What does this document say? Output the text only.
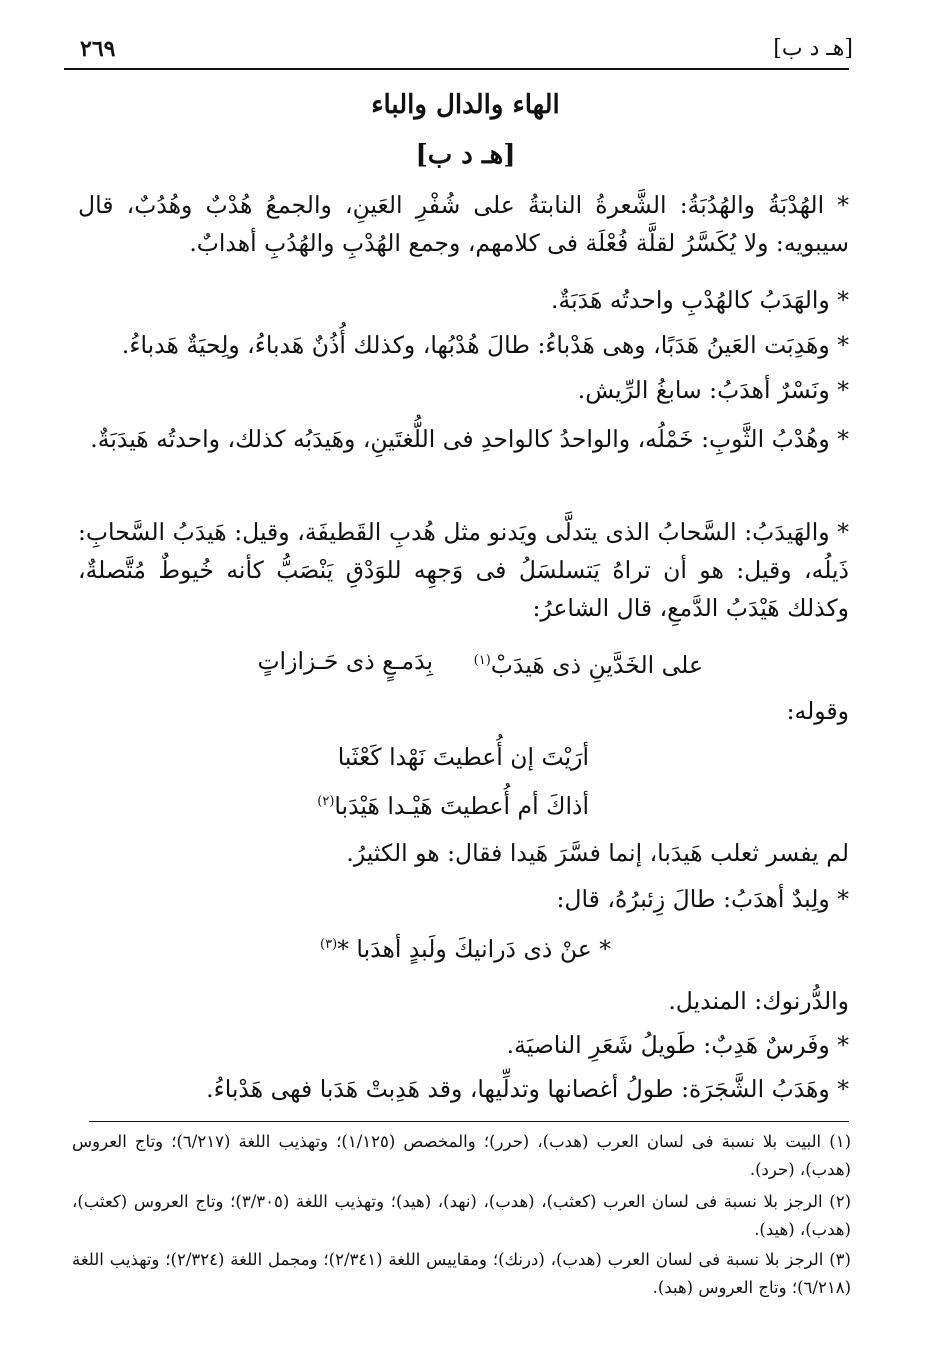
٢٦٩	[هـ د ب]
الهاء والدال والباء
[هـ د ب]
* الهُدْبَةُ والهُدُبَةُ: الشَّعرةُ النابتةُ على شُفْرِ العَينِ، والجمعُ هُدْبٌ وهُدُبٌ، قال سيبويه: ولا يُكَسَّرُ لقلَّة فُعْلَة فى كلامهم، وجمع الهُدْبِ والهُدُبِ أهدابٌ.
* والهَدَبُ كالهُدْبِ واحدتُه هَدَبَةٌ.
* وهَدِبَت العَينُ هَدَبًا، وهى هَدْباءُ: طالَ هُدْبُها، وكذلك أُذُنٌ هَدباءُ، ولِحيَةٌ هَدباءُ.
* ونَسْرٌ أهدَبُ: سابغُ الرِّيش.
* وهُدْبُ الثَّوبِ: خَمْلُه، والواحدُ كالواحدِ فى اللُّغتَينِ، وهَيدَبُه كذلك، واحدتُه هَيدَبَةٌ.
* والهَيدَبُ: السَّحابُ الذى يتدلَّى ويَدنو مثل هُدبِ القَطيفَة، وقيل: هَيدَبُ السَّحابِ: ذَيلُه، وقيل: هو أن تراهُ يَتسلسَلُ فى وَجهِه للوَدْقِ يَنْصَبُّ كأنه خُيوطٌ مُتَّصلةٌ، وكذلك هَيْدَبُ الدَّمعِ، قال الشاعرُ:
على الخَدَّينِ ذى هَيدَبْ$^{(١)}$
بِدَمـعٍ ذى حَـزازاتٍ
وقوله:
أرَيْتَ إن أُعطيتَ نَهْدا كَعْثَبا
أذاكَ أم أُعطيتَ هَيْـدا هَيْدَبا$^{(٢)}$
لم يفسر ثعلب هَيدَبا، إنما فسَّرَ هَيدا فقال: هو الكثيرُ.
* ولِبدٌ أهدَبُ: طالَ زِئبرُهُ، قال:
* عنْ ذى دَرانيكَ ولَبدٍ أهدَبا *$^{(٣)}$
والدُّرنوك: المنديل.
* وفَرسٌ هَدِبٌ: طَويلُ شَعَرِ الناصيَة.
* وهَدَبُ الشَّجَرَة: طولُ أغصانها وتدلِّيها، وقد هَدِبتْ هَدَبا فهى هَدْباءُ.
(١) البيت بلا نسبة فى لسان العرب (هدب)، (حرر)؛ والمخصص (١/١٢٥)؛ وتهذيب اللغة (٦/٢١٧)؛ وتاج العروس (هدب)، (حرد).
(٢) الرجز بلا نسبة فى لسان العرب (كعثب)، (هدب)، (نهد)، (هيد)؛ وتهذيب اللغة (٣/٣٠٥)؛ وتاج العروس (كعثب)، (هدب)، (هيد).
(٣) الرجز بلا نسبة فى لسان العرب (هدب)، (درنك)؛ ومقاييس اللغة (٢/٣٤١)؛ ومجمل اللغة (٢/٣٢٤)؛ وتهذيب اللغة (٦/٢١٨)؛ وتاج العروس (هبد).
